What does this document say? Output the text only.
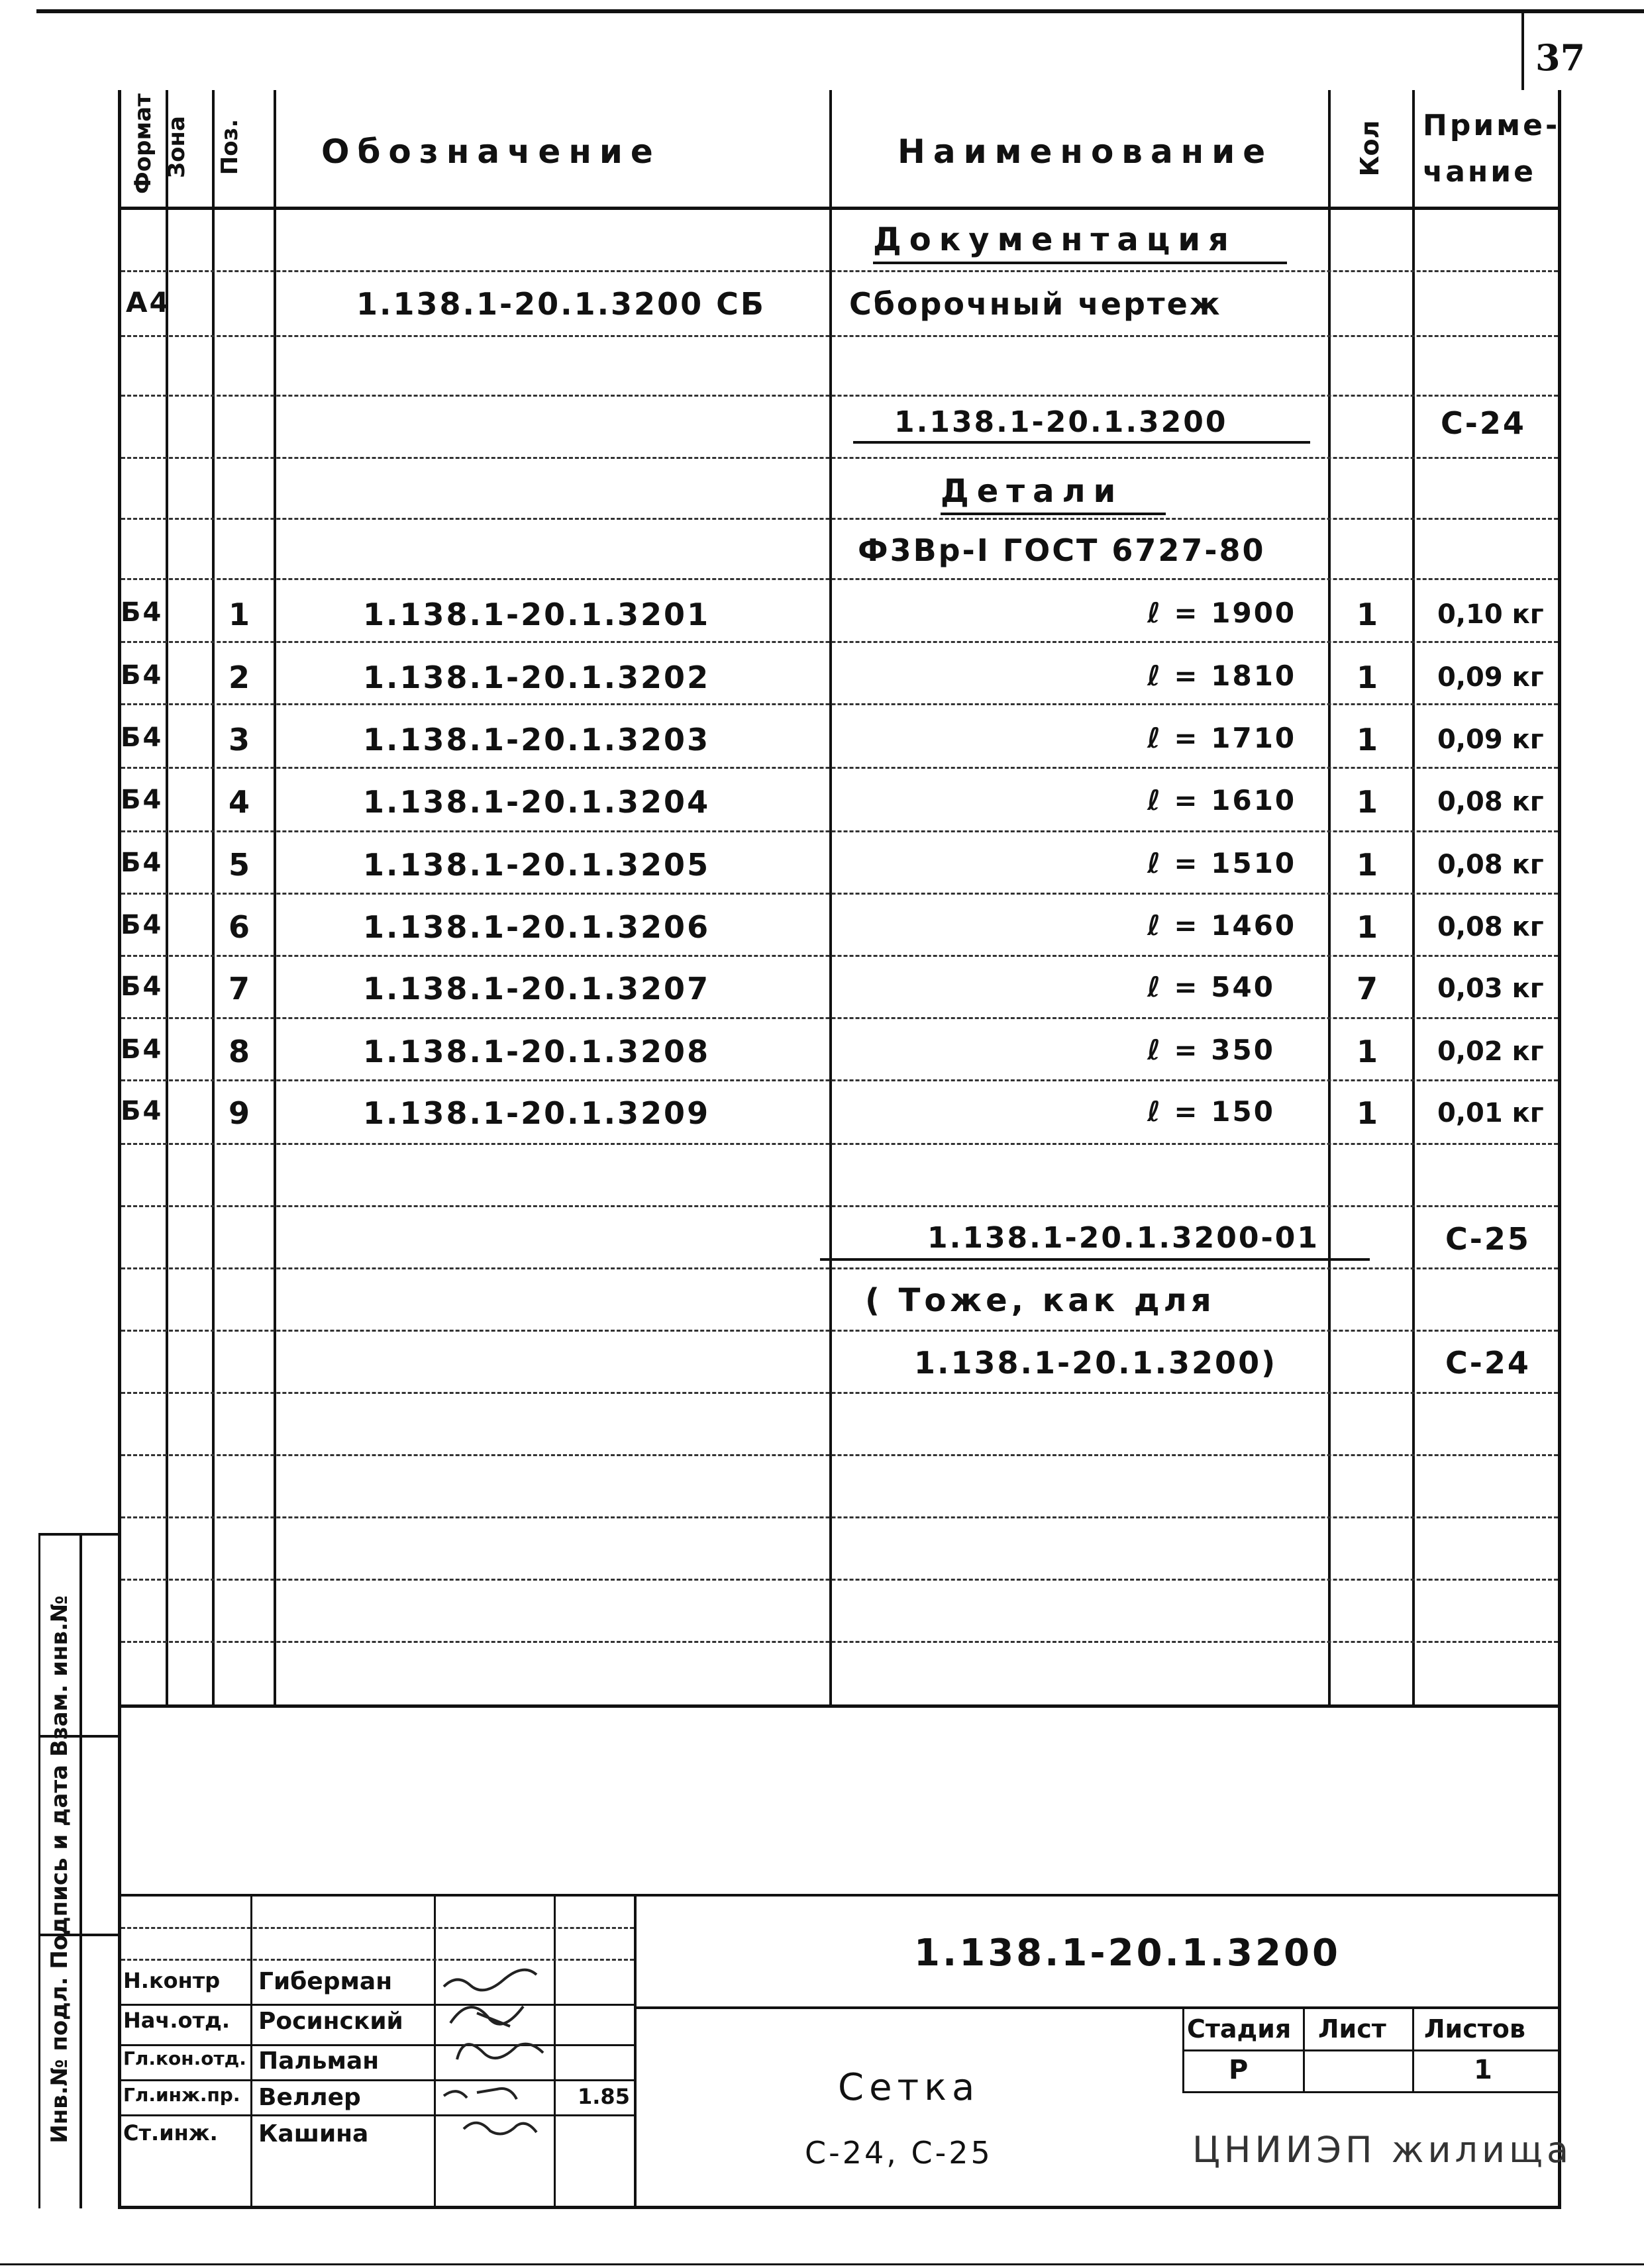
37
Формат Зона Поз. Обозначение	Наименование	Кол Приме-
чание
Документация
А4	1.138.1-20.1.3200 СБ	Сборочный чертеж
1.138.1-20.1.3200	С-24
Детали
Ф3Вр-I ГОСТ 6727-80
Б4 1	1.138.1-20.1.3201	ℓ = 1900 1 0,10 кг
Б4 2	1.138.1-20.1.3202	ℓ = 1810 1 0,09 кг
Б4 3	1.138.1-20.1.3203	ℓ = 1710 1 0,09 кг
Б4 4	1.138.1-20.1.3204	ℓ = 1610 1 0,08 кг
Б4 5	1.138.1-20.1.3205	ℓ = 1510 1 0,08 кг
Б4 6	1.138.1-20.1.3206	ℓ = 1460 1 0,08 кг
Б4 7	1.138.1-20.1.3207	ℓ = 540	7 0,03 кг
Б4 8	1.138.1-20.1.3208	ℓ = 350	1 0,02 кг
Б4 9	1.138.1-20.1.3209	ℓ = 150	1 0,01 кг
1.138.1-20.1.3200-01	С-25
( Тоже, как для
1.138.1-20.1.3200)	С-24
Инв.№ подл. Подпись и дата Взам. инв.№	1.138.1-20.1.3200
Н.контр Гиберман
Нач.отд. Росинский
Гл.кон.отд. Пальман
Гл.инж.пр. Веллер
Ст.инж. Кашина
1.85	Сетка
С-24, С-25
Стадия Лист Листов
Р	1
ЦНИИЭП жилища
